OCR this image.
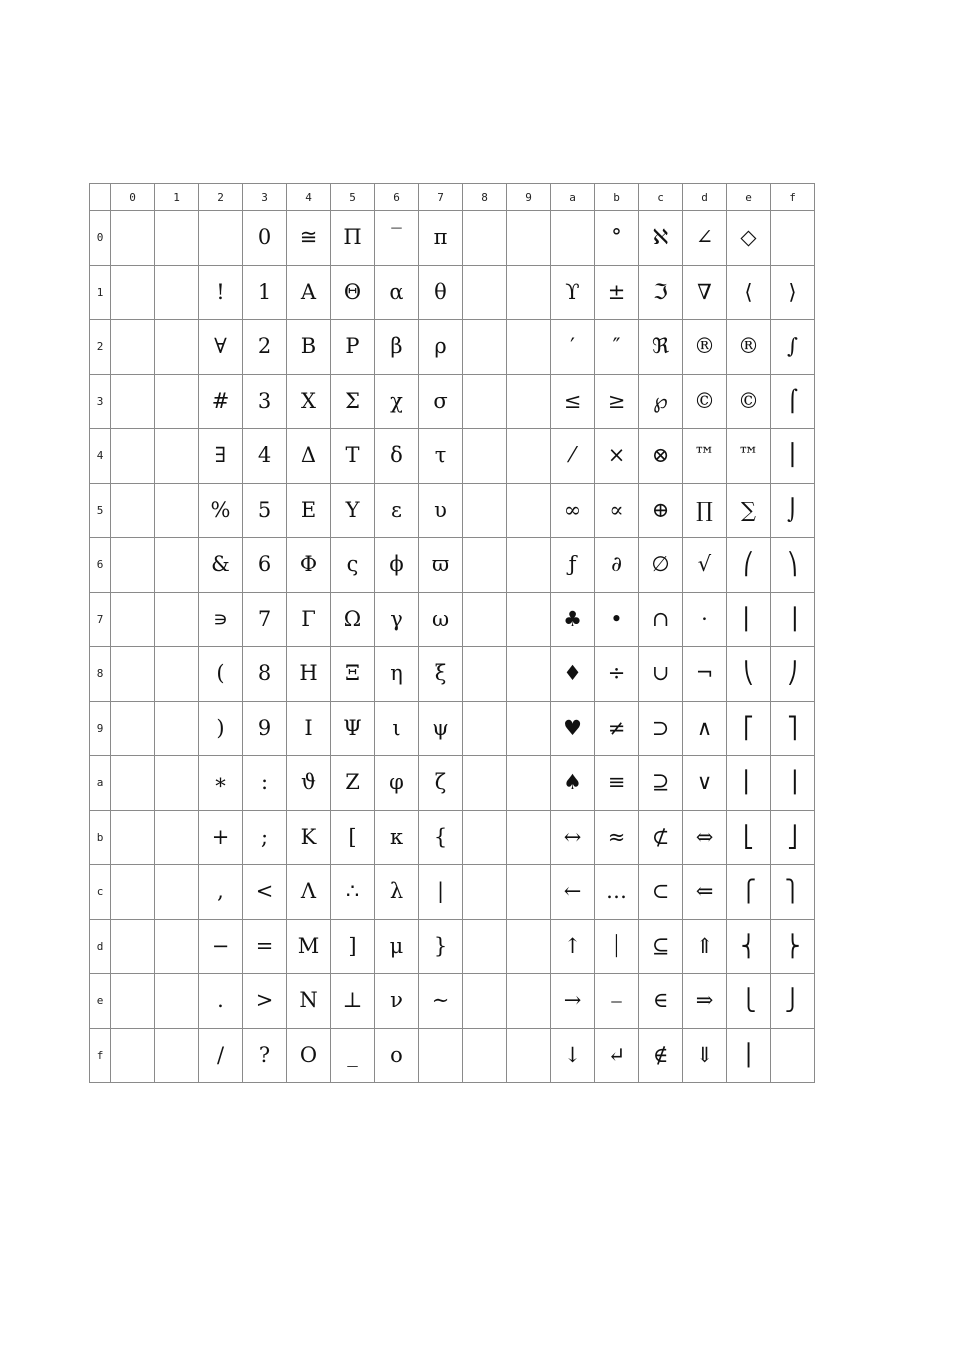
	0	1	2	3	4	5	6	7	8	9	a	b	c	d	e	f
0				0	≅	Π	‾	π				°	ℵ	∠	◇	
1			!	1	Α	Θ	α	θ			ϒ	±	ℑ	∇	⟨	⟩
2			∀	2	Β	Ρ	β	ρ			′	″	ℜ	®	®	∫
3			#	3	Χ	Σ	χ	σ			≤	≥	℘	©	©	⌠
4			∃	4	Δ	Τ	δ	τ			⁄	×	⊗	™	™	⎮
5			%	5	Ε	Υ	ε	υ			∞	∝	⊕	∏	∑	⌡
6			&	6	Φ	ς	ϕ	ϖ			ƒ	∂	∅	√	⎛	⎞
7			∍	7	Γ	Ω	γ	ω			♣	•	∩	⋅	⎜	⎟
8			(	8	Η	Ξ	η	ξ			♦	÷	∪	¬	⎝	⎠
9			)	9	Ι	Ψ	ι	ψ			♥	≠	⊃	∧	⎡	⎤
a			∗	:	ϑ	Ζ	φ	ζ			♠	≡	⊇	∨	⎢	⎥
b			+	;	Κ	[	κ	{			↔	≈	⊄	⇔	⎣	⎦
c			,	<	Λ	∴	λ	|			←	…	⊂	⇐	⎧	⎫
d			−	=	Μ	]	μ	}			↑	⏐	⊆	⇑	⎨	⎬
e			.	>	Ν	⊥	ν	∼			→	⎯	∈	⇒	⎩	⎭
f			/	?	Ο	_	ο				↓	↵	∉	⇓	⎪	
